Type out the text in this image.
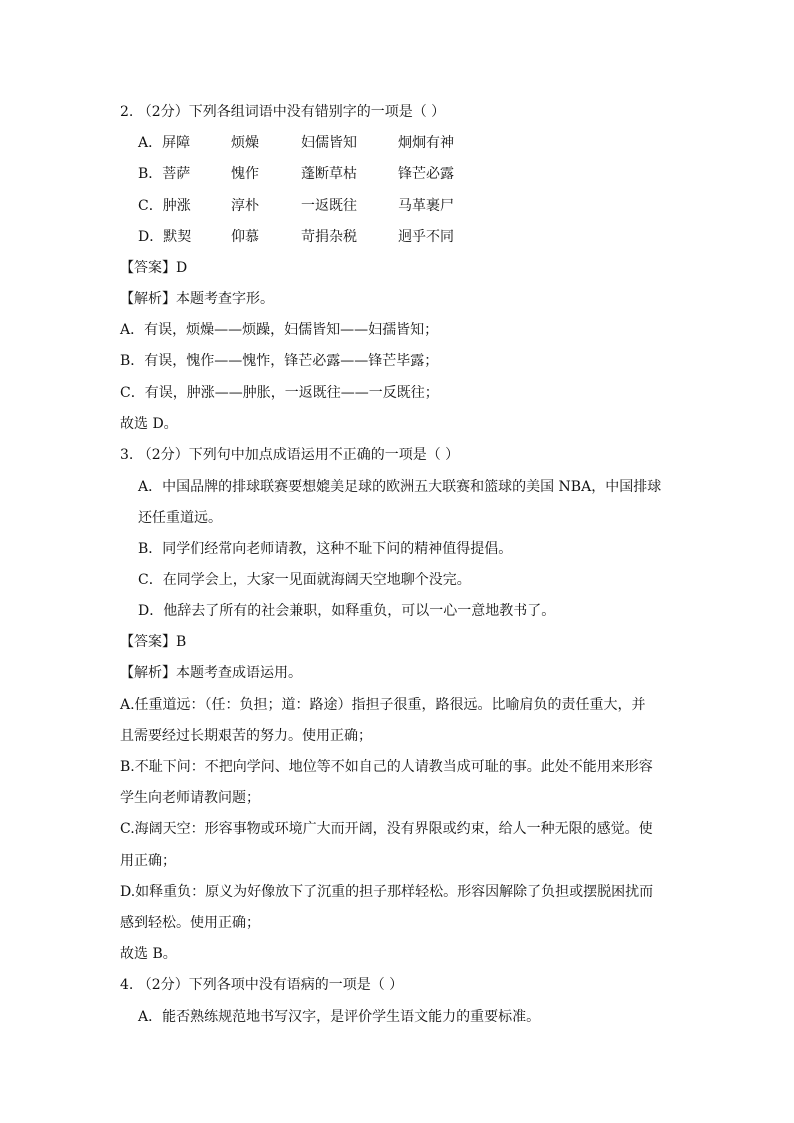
2. （2分）下列各组词语中没有错别字的一项是（ ）
A．屏障	烦燥	妇儒皆知	炯炯有神
B．菩萨	愧作	蓬断草枯	锋芒必露
C．肿涨	淳朴	一返既往	马革裹尸
D．默契	仰慕	苛捐杂税	迥乎不同
【答案】D
【解析】本题考查字形。
A．有误，烦燥——烦躁，妇儒皆知——妇孺皆知；
B．有误，愧作——愧怍，锋芒必露——锋芒毕露；
C．有误，肿涨——肿胀，一返既往——一反既往；
故选 D。
3. （2分）下列句中加点成语运用不正确的一项是（ ）
A．中国品牌的排球联赛要想媲美足球的欧洲五大联赛和篮球的美国 NBA，中国排球
还任重道远。
B．同学们经常向老师请教，这种不耻下问的精神值得提倡。
C．在同学会上，大家一见面就海阔天空地聊个没完。
D．他辞去了所有的社会兼职，如释重负，可以一心一意地教书了。
【答案】B
【解析】本题考查成语运用。
A.任重道远：（任：负担；道：路途）指担子很重，路很远。比喻肩负的责任重大，并
且需要经过长期艰苦的努力。使用正确；
B.不耻下问：不把向学问、地位等不如自己的人请教当成可耻的事。此处不能用来形容
学生向老师请教问题；
C.海阔天空：形容事物或环境广大而开阔，没有界限或约束，给人一种无限的感觉。使
用正确；
D.如释重负：原义为好像放下了沉重的担子那样轻松。形容因解除了负担或摆脱困扰而
感到轻松。使用正确；
故选 B。
4. （2分）下列各项中没有语病的一项是（ ）
A．能否熟练规范地书写汉字，是评价学生语文能力的重要标准。
